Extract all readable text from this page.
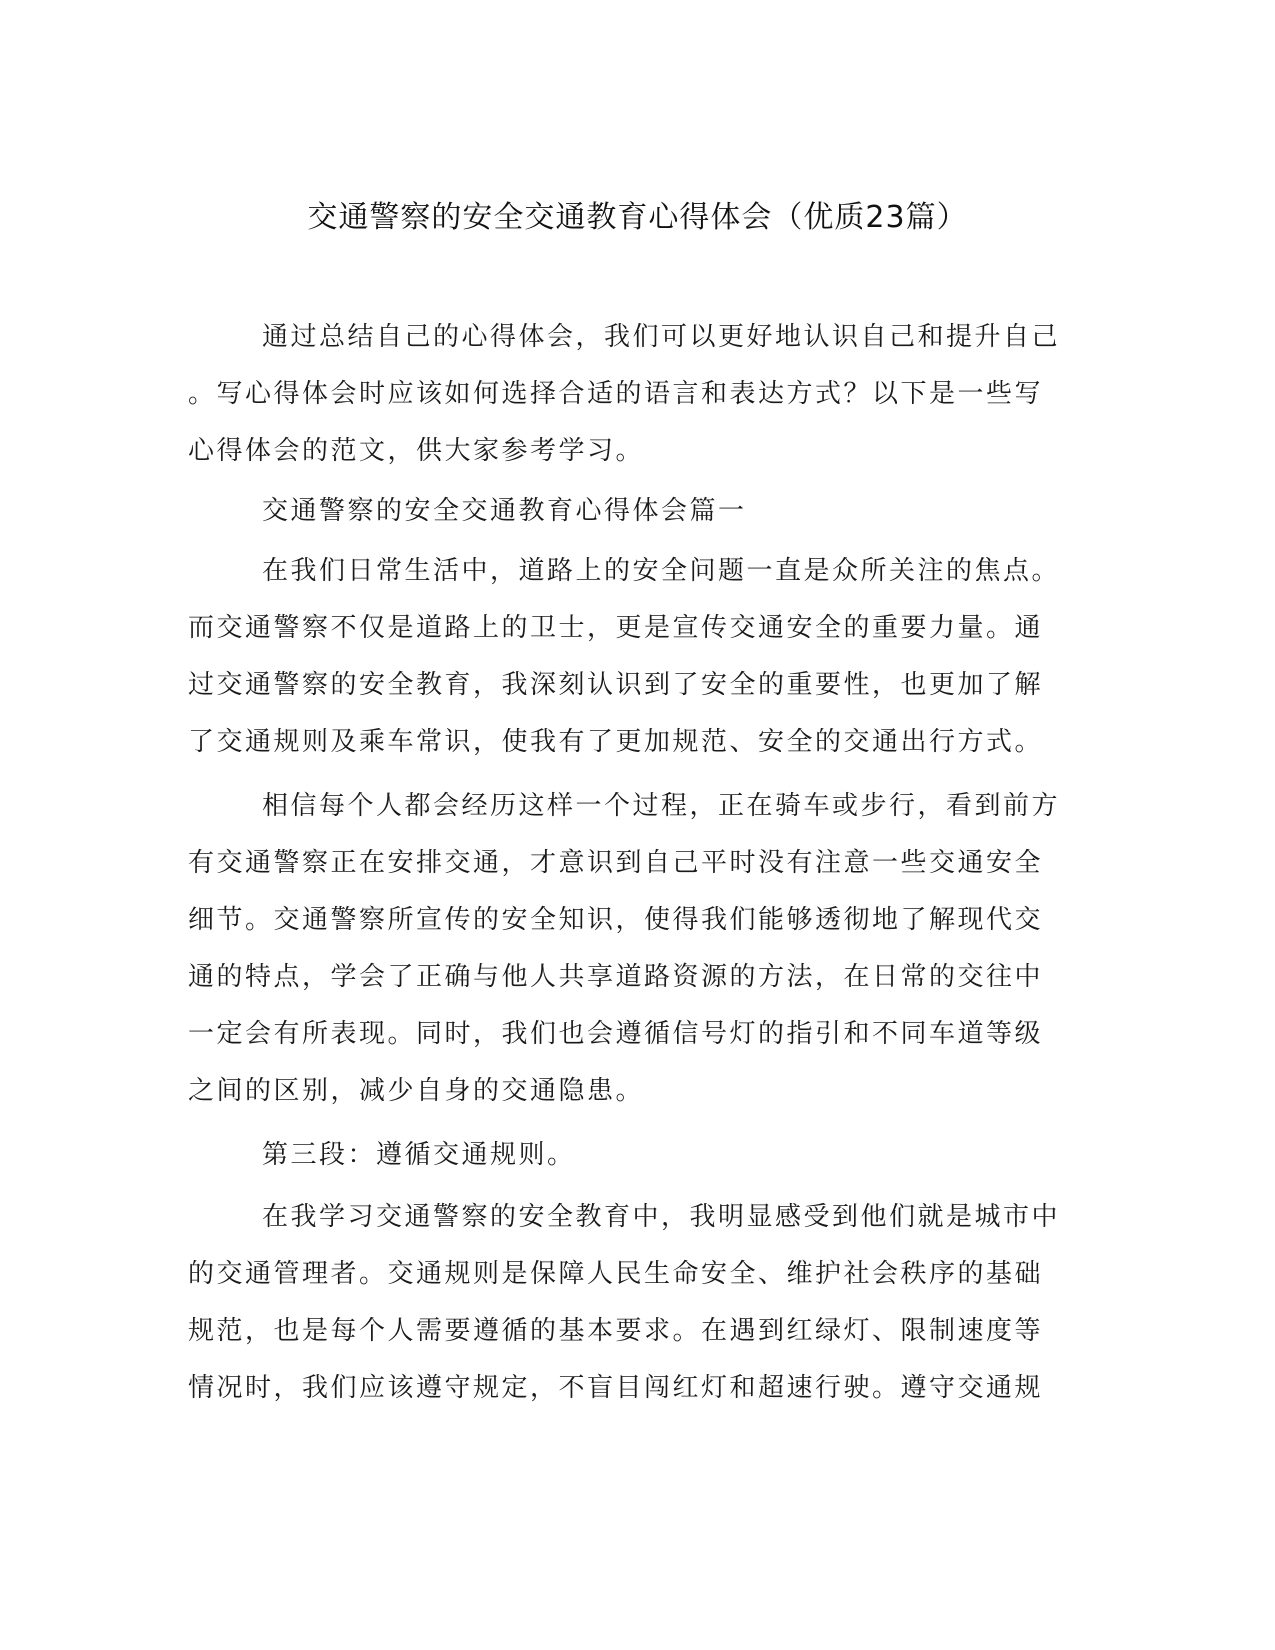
交通警察的安全交通教育心得体会（优质23篇）
通过总结自己的心得体会，我们可以更好地认识自己和提升自己
。写心得体会时应该如何选择合适的语言和表达方式？以下是一些写
心得体会的范文，供大家参考学习。
交通警察的安全交通教育心得体会篇一
在我们日常生活中，道路上的安全问题一直是众所关注的焦点。
而交通警察不仅是道路上的卫士，更是宣传交通安全的重要力量。通
过交通警察的安全教育，我深刻认识到了安全的重要性，也更加了解
了交通规则及乘车常识，使我有了更加规范、安全的交通出行方式。
相信每个人都会经历这样一个过程，正在骑车或步行，看到前方
有交通警察正在安排交通，才意识到自己平时没有注意一些交通安全
细节。交通警察所宣传的安全知识，使得我们能够透彻地了解现代交
通的特点，学会了正确与他人共享道路资源的方法，在日常的交往中
一定会有所表现。同时，我们也会遵循信号灯的指引和不同车道等级
之间的区别，减少自身的交通隐患。
第三段：遵循交通规则。
在我学习交通警察的安全教育中，我明显感受到他们就是城市中
的交通管理者。交通规则是保障人民生命安全、维护社会秩序的基础
规范，也是每个人需要遵循的基本要求。在遇到红绿灯、限制速度等
情况时，我们应该遵守规定，不盲目闯红灯和超速行驶。遵守交通规
